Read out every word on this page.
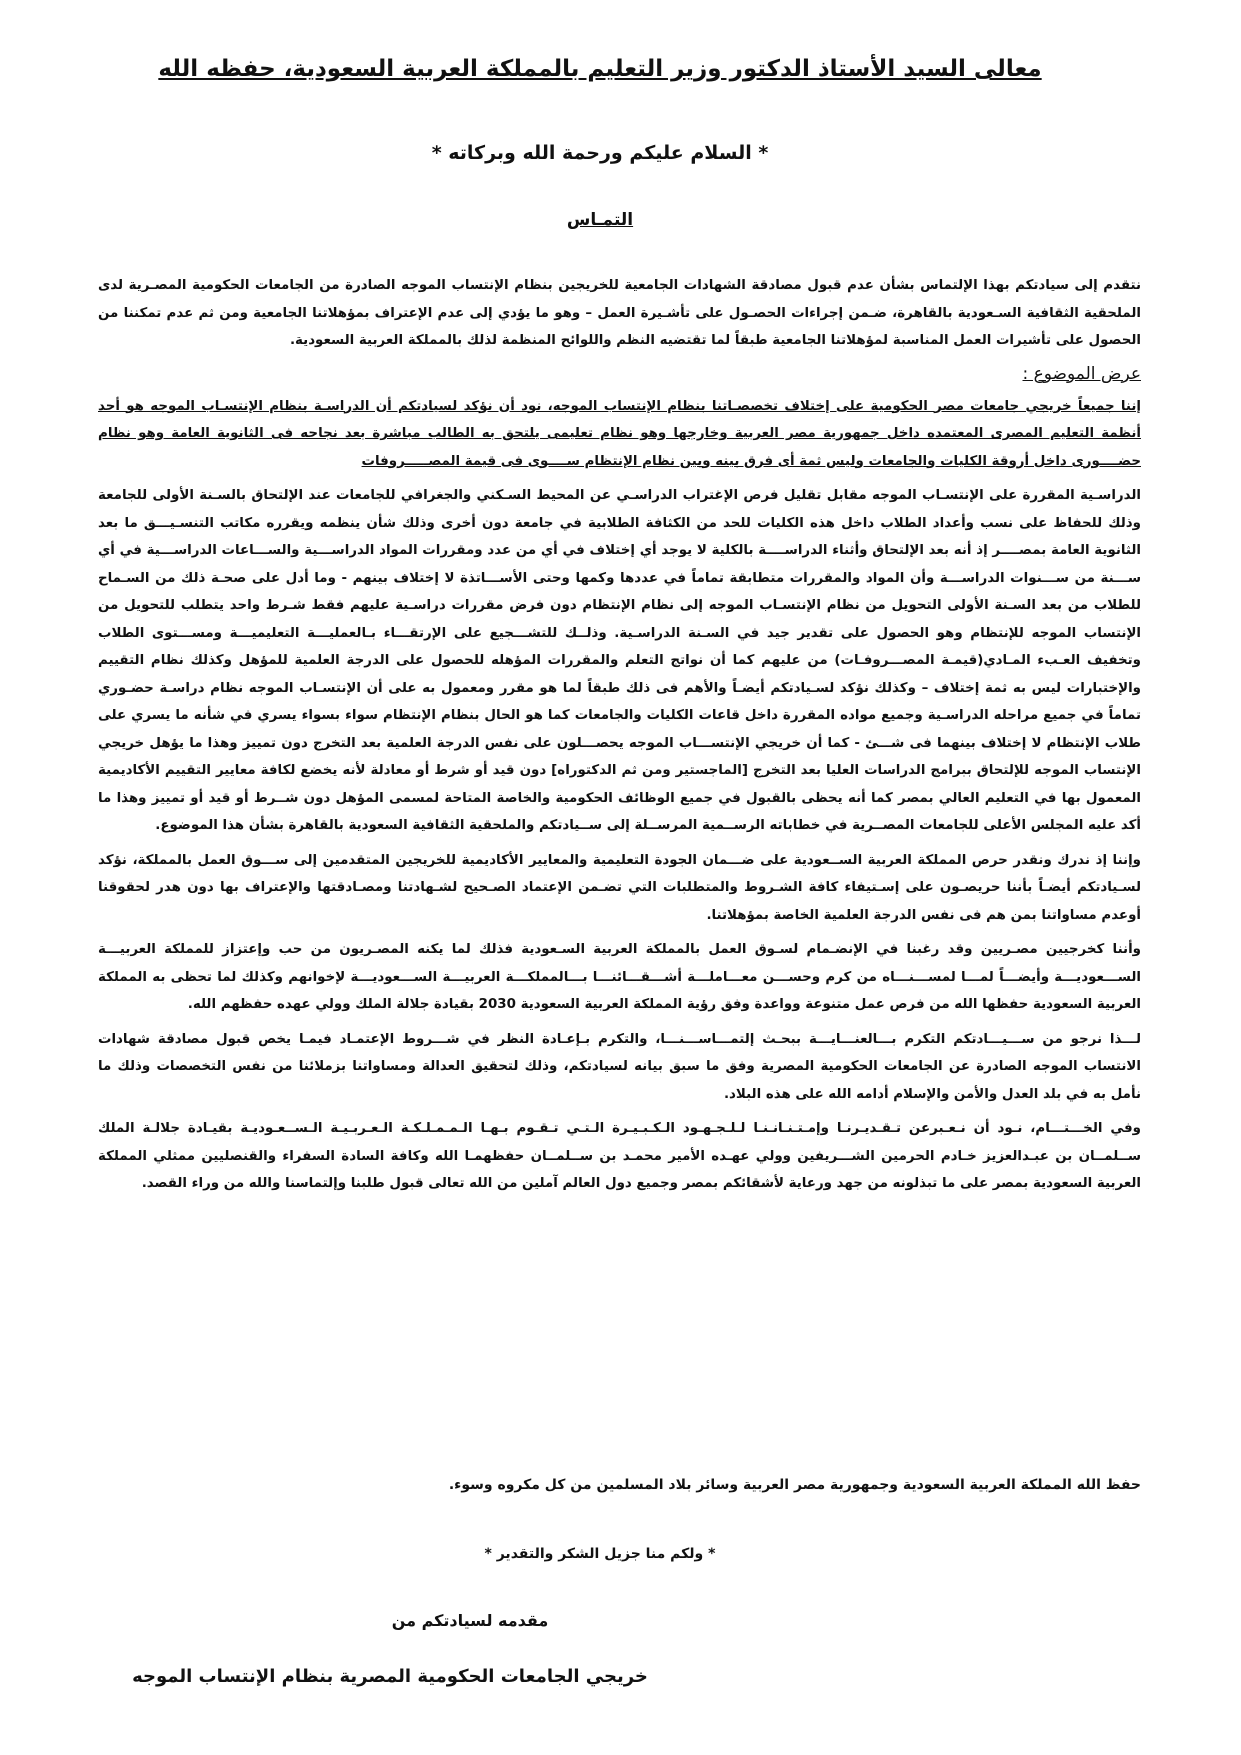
معالى السيد الأستاذ الدكتور وزير التعليم بالمملكة العربية السعودية، حفظه الله
* السلام عليكم ورحمة الله وبركاته *
التمـاس

نتقدم إلى سيادتكم بهذا الإلتماس بشأن عدم قبول مصادقة الشهادات الجامعية للخريجين بنظام الإنتساب الموجه الصادرة من الجامعات الحكومية المصـرية لدى الملحقية الثقافية السـعودية بالقاهرة، ضـمن إجراءات الحصـول على تأشـيرة العمل – وهو ما يؤدي إلى عدم الإعتراف بمؤهلاتنا الجامعية ومن ثم عدم تمكننا من الحصول على تأشيرات العمل المناسبة لمؤهلاتنا الجامعية طبقاً لما تقتضيه النظم واللوائح المنظمة لذلك بالمملكة العربية السعودية.

عرض الموضوع :

إننا جميعاً خريجي جامعات مصر الحكومية على إختلاف تخصصـاتنا بنظام الإنتساب الموجه، نود أن نؤكد لسيادتكم أن الدراسـة بنظام الإنتسـاب الموجه هو أحد أنظمة التعليم المصرى المعتمده داخل جمهورية مصر العربية وخارجها وهو نظام تعليمى يلتحق به الطالب مباشرة بعد نجاحه فى الثانوية العامة وهو نظام حضــــورى داخل أروقة الكليات والجامعات وليس ثمة أى فرق بينه وبين نظام الإنتظام ســــوى فى قيمة المصـــــروفات

الدراسـية المقررة على الإنتسـاب الموجه مقابل تقليل فرص الإغتراب الدراسـي عن المحيط السـكني والجغرافي للجامعات عند الإلتحاق بالسـنة الأولى للجامعة وذلك للحفاظ على نسب وأعداد الطلاب داخل هذه الكليات للحد من الكثافة الطلابية في جامعة دون أخرى وذلك شأن ينظمه ويقرره مكاتب التنسـيـــق ما بعد الثانوية العامة بمصــــر إذ أنه بعد الإلتحاق وأثناء الدراســــة بالكلية لا يوجد أي إختلاف في أي من عدد ومقررات المواد الدراســـية والســـاعات الدراســـية في أي ســـنة من ســـنوات الدراســـة وأن المواد والمقررات متطابقة تماماً في عددها وكمها وحتى الأســـاتذة لا إختلاف بينهم - وما أدل على صحـة ذلك من السـماح للطلاب من بعد السـنة الأولى التحويل من نظام الإنتسـاب الموجه إلى نظام الإنتظام دون فرض مقررات دراسـية عليهم فقط شـرط واحد يتطلب للتحويل من الإنتساب الموجه للإنتظام وهو الحصول على تقدير جيد في السـنة الدراسـية. وذلــك للتشـــجيع على الإرتقـــاء بـالعمليـــة التعليميـــة ومســـتوى الطلاب وتخفيف العـبء المـادي(قيمـة المصـــروفـات) من عليهم كما أن نواتج التعلم والمقررات المؤهله للحصول على الدرجة العلمية للمؤهل وكذلك نظام التقييم والإختبارات ليس به ثمة إختلاف – وكذلك نؤكد لسـيادتكم أيضـاً والأهم فى ذلك طبقاً لما هو مقرر ومعمول به على أن الإنتسـاب الموجه نظام دراسـة حضـوري تماماً في جميع مراحله الدراسـية وجميع مواده المقررة داخل قاعات الكليات والجامعات كما هو الحال بنظام الإنتظام سواء بسواء يسري في شأنه ما يسري على طلاب الإنتظام لا إختلاف بينهما فى شـــئ - كما أن خريجي الإنتســـاب الموجه يحصـــلون على نفس الدرجة العلمية بعد التخرج دون تمييز وهذا ما يؤهل خريجي الإنتساب الموجه للإلتحاق ببرامج الدراسات العليا بعد التخرج [الماجستير ومن ثم الدكتوراه] دون قيد أو شرط أو معادلة لأنه يخضع لكافة معايير التقييم الأكاديمية المعمول بها في التعليم العالي بمصر كما أنه يحظى بالقبول في جميع الوظائف الحكومية والخاصة المتاحة لمسمى المؤهل دون شــرط أو قيد أو تمييز وهذا ما أكد عليه المجلس الأعلى للجامعات المصــرية في خطاباته الرســمية المرســلة إلى ســيادتكم والملحقية الثقافية السعودية بالقاهرة بشأن هذا الموضوع.

وإننا إذ ندرك ونقدر حرص المملكة العربية الســعودية على ضـــمان الجودة التعليمية والمعايير الأكاديمية للخريجين المتقدمين إلى ســـوق العمل بالمملكة، نؤكد لسـيادتكم أيضـاً بأننا حريصـون على إسـتيفاء كافة الشـروط والمتطلبات التي تضـمن الإعتماد الصـحيح لشـهادتنا ومصـادقتها والإعتراف بها دون هدر لحقوقنا أوعدم مساواتنا بمن هم فى نفس الدرجة العلمية الخاصة بمؤهلاتنا.

وأننا كخرجيين مصـريين وقد رغبنا في الإنضـمام لسـوق العمل بالمملكة العربية السـعودية فذلك لما يكنه المصـريون من حب وإعتزاز للمملكة العربيـــة الســـعوديـــة وأيضـــاً لمـــا لمســـنـــاه من كرم وحســـن معـــاملـــة أشـــقـــائنـــا بـــالمملكـــة العربيـــة الســـعوديـــة لإخوانهم وكذلك لما تحظى به المملكة العربية السعودية حفظها الله من فرص عمل متنوعة وواعدة وفق رؤية المملكة العربية السعودية 2030 بقيادة جلالة الملك وولي عهده حفظهم الله.

لـــذا نرجو من ســـيـــادتكم التكرم بـــالعنـــايـــة ببحـث إلتمـــاســـنـــا، والتكرم بـإعـادة النظر في شـــروط الإعتمـاد فيمـا يخص قبول مصادقة شهادات الانتساب الموجه الصادرة عن الجامعات الحكومية المصرية وفق ما سبق بيانه لسيادتكم، وذلك لتحقيق العدالة ومساواتنا بزملائنا من نفس التخصصات وذلك ما نأمل به في بلد العدل والأمن والإسلام أدامه الله على هذه البلاد.

وفي الخـــتـــام، نـود أن نـعـبرعن تـقـديـرنـا وإمـتـنـانـنـا لـلـجـهـود الـكـبـيـرة الـتـي تـقـوم بـهـا الـمـمـلـكـة الـعـربـيـة الـســعـوديـة بقيـادة جلالـة الملك ســلمــان بن عبـدالعزيز خـادم الحرمين الشـــريفين وولي عهـده الأمير محمـد بن ســلمــان حفظهمـا الله وكافة السادة السفراء والقنصليين ممثلي المملكة العربية السعودية بمصر على ما تبذلونه من جهد ورعاية لأشقائكم بمصر وجميع دول العالم آملين من الله تعالى قبول طلبنا وإلتماسنا والله من وراء القصد.

حفظ الله المملكة العربية السعودية وجمهورية مصر العربية وسائر بلاد المسلمين من كل مكروه وسوء.
* ولكم منا جزيل الشكر والتقدير *
مقدمه لسيادتكم من
خريجي الجامعات الحكومية المصرية بنظام الإنتساب الموجه
